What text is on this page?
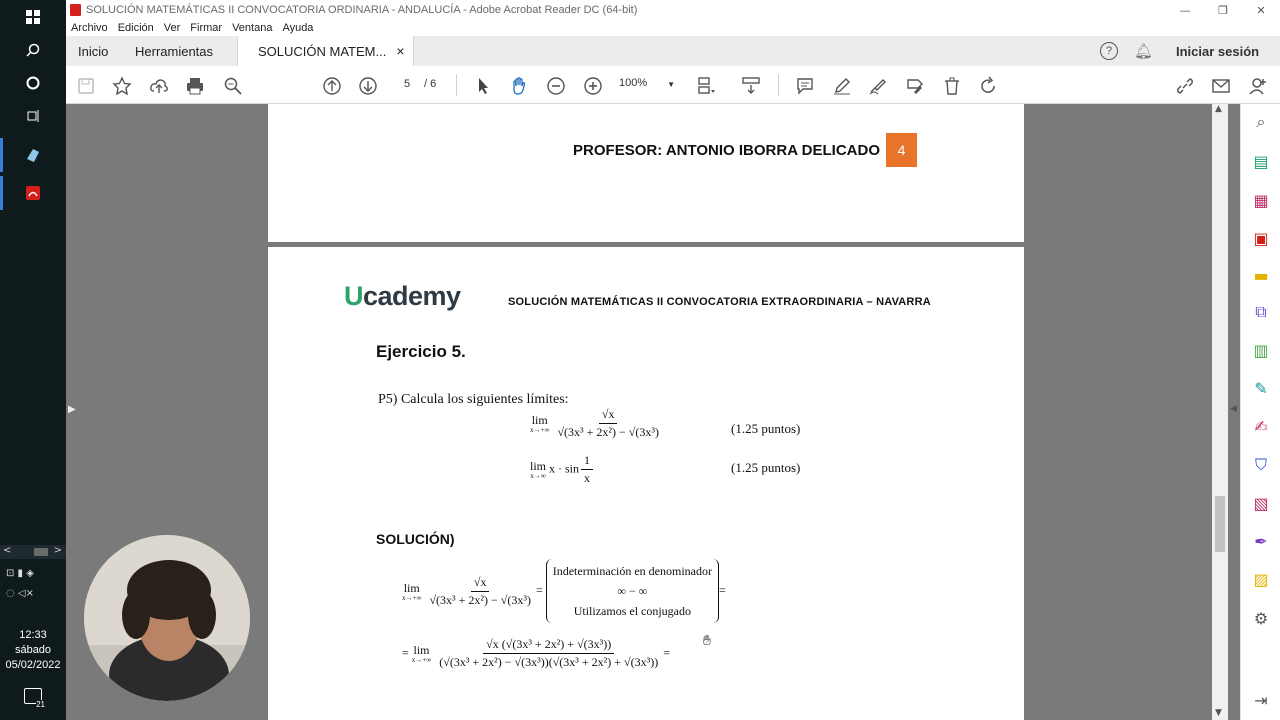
<	>
⊡ ▮ ◈
◌ ◁×
12:33
sábado
05/02/2022
21
SOLUCIÓN MATEMÁTICAS II CONVOCATORIA ORDINARIA - ANDALUCÍA - Adobe Acrobat Reader DC (64-bit)	—	❐	✕
Archivo Edición Ver Firmar Ventana Ayuda
Inicio Herramientas	SOLUCIÓN MATEM... ×	?	🔔︎ Iniciar sesión
5	/ 6	100% ▼
PROFESOR: ANTONIO IBORRA DELICADO	4
Ucademy	SOLUCIÓN MATEMÁTICAS II CONVOCATORIA EXTRAORDINARIA – NAVARRA
Ejercicio 5.
P5) Calcula los siguientes límites:
lim
$x\to+\infty \frac{√x}{\text{√(3x³ + 2x²) − √(3x³)}}$	(1.25 puntos)
lim
x→∞
$x \cdot \sin \frac{1}{x}$	(1.25 puntos)
SOLUCIÓN)
lim
$x\to+\infty \frac{√x}{\text{√(3x³ + 2x²) − √(3x³)}}$ =
Indeterminación en denominador
∞ − ∞
Utilizamos el conjugado
=
= lim
$x\to+\infty \frac{\text{√x (√(3x³ + 2x²) + √(3x³))}}{\text{(√(3x³ + 2x²) − √(3x³))(√(3x³ + 2x²) + √(3x³))}}$ =
▶
✋︎
▲
▼
◀
⌕
▤
▦
▣
▬
⧉
▥
✎
✍
⛉
▧
✒
▨
⚙
⇥
